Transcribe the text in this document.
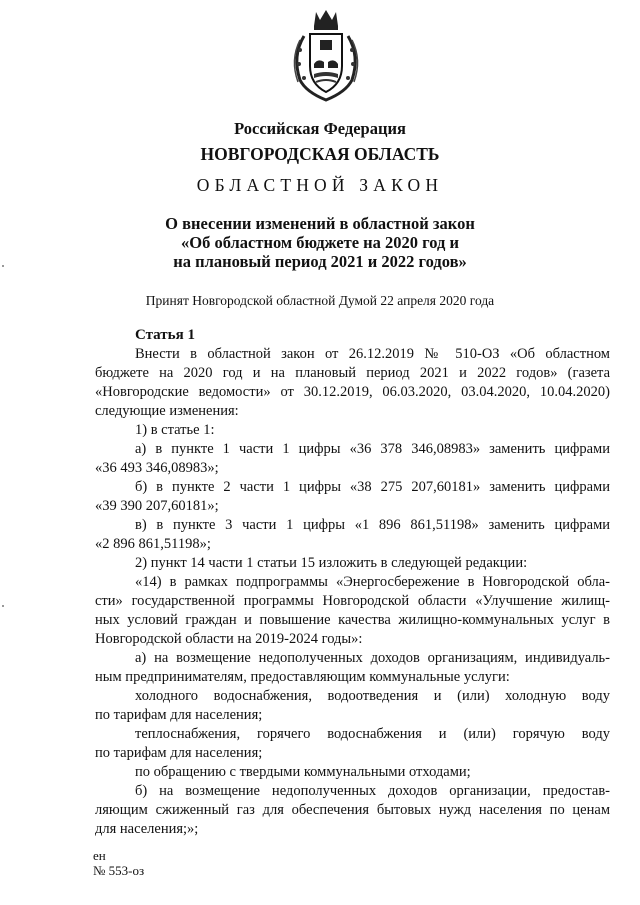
Российская Федерация
НОВГОРОДСКАЯ ОБЛАСТЬ
ОБЛАСТНОЙ ЗАКОН
О внесении изменений в областной закон
«Об областном бюджете на 2020 год и
на плановый период 2021 и 2022 годов»
Принят Новгородской областной Думой 22 апреля 2020 года
Статья 1
Внести в областной закон от 26.12.2019 № 510-ОЗ «Об областном
бюджете на 2020 год и на плановый период 2021 и 2022 годов» (газета
«Новгородские ведомости» от 30.12.2019, 06.03.2020, 03.04.2020, 10.04.2020)
следующие изменения:
1) в статье 1:
а) в пункте 1 части 1 цифры «36 378 346,08983» заменить цифрами
«36 493 346,08983»;
б) в пункте 2 части 1 цифры «38 275 207,60181» заменить цифрами
«39 390 207,60181»;
в) в пункте 3 части 1 цифры «1 896 861,51198» заменить цифрами
«2 896 861,51198»;
2) пункт 14 части 1 статьи 15 изложить в следующей редакции:
«14) в рамках подпрограммы «Энергосбережение в Новгородской обла-
сти» государственной программы Новгородской области «Улучшение жилищ-
ных условий граждан и повышение качества жилищно-коммунальных услуг в
Новгородской области на 2019-2024 годы»:
а) на возмещение недополученных доходов организациям, индивидуаль-
ным предпринимателям, предоставляющим коммунальные услуги:
холодного водоснабжения, водоотведения и (или) холодную воду
по тарифам для населения;
теплоснабжения, горячего водоснабжения и (или) горячую воду
по тарифам для населения;
по обращению с твердыми коммунальными отходами;
б) на возмещение недополученных доходов организации, предостав-
ляющим сжиженный газ для обеспечения бытовых нужд населения по ценам
для населения;»;
ен
№ 553-оз
